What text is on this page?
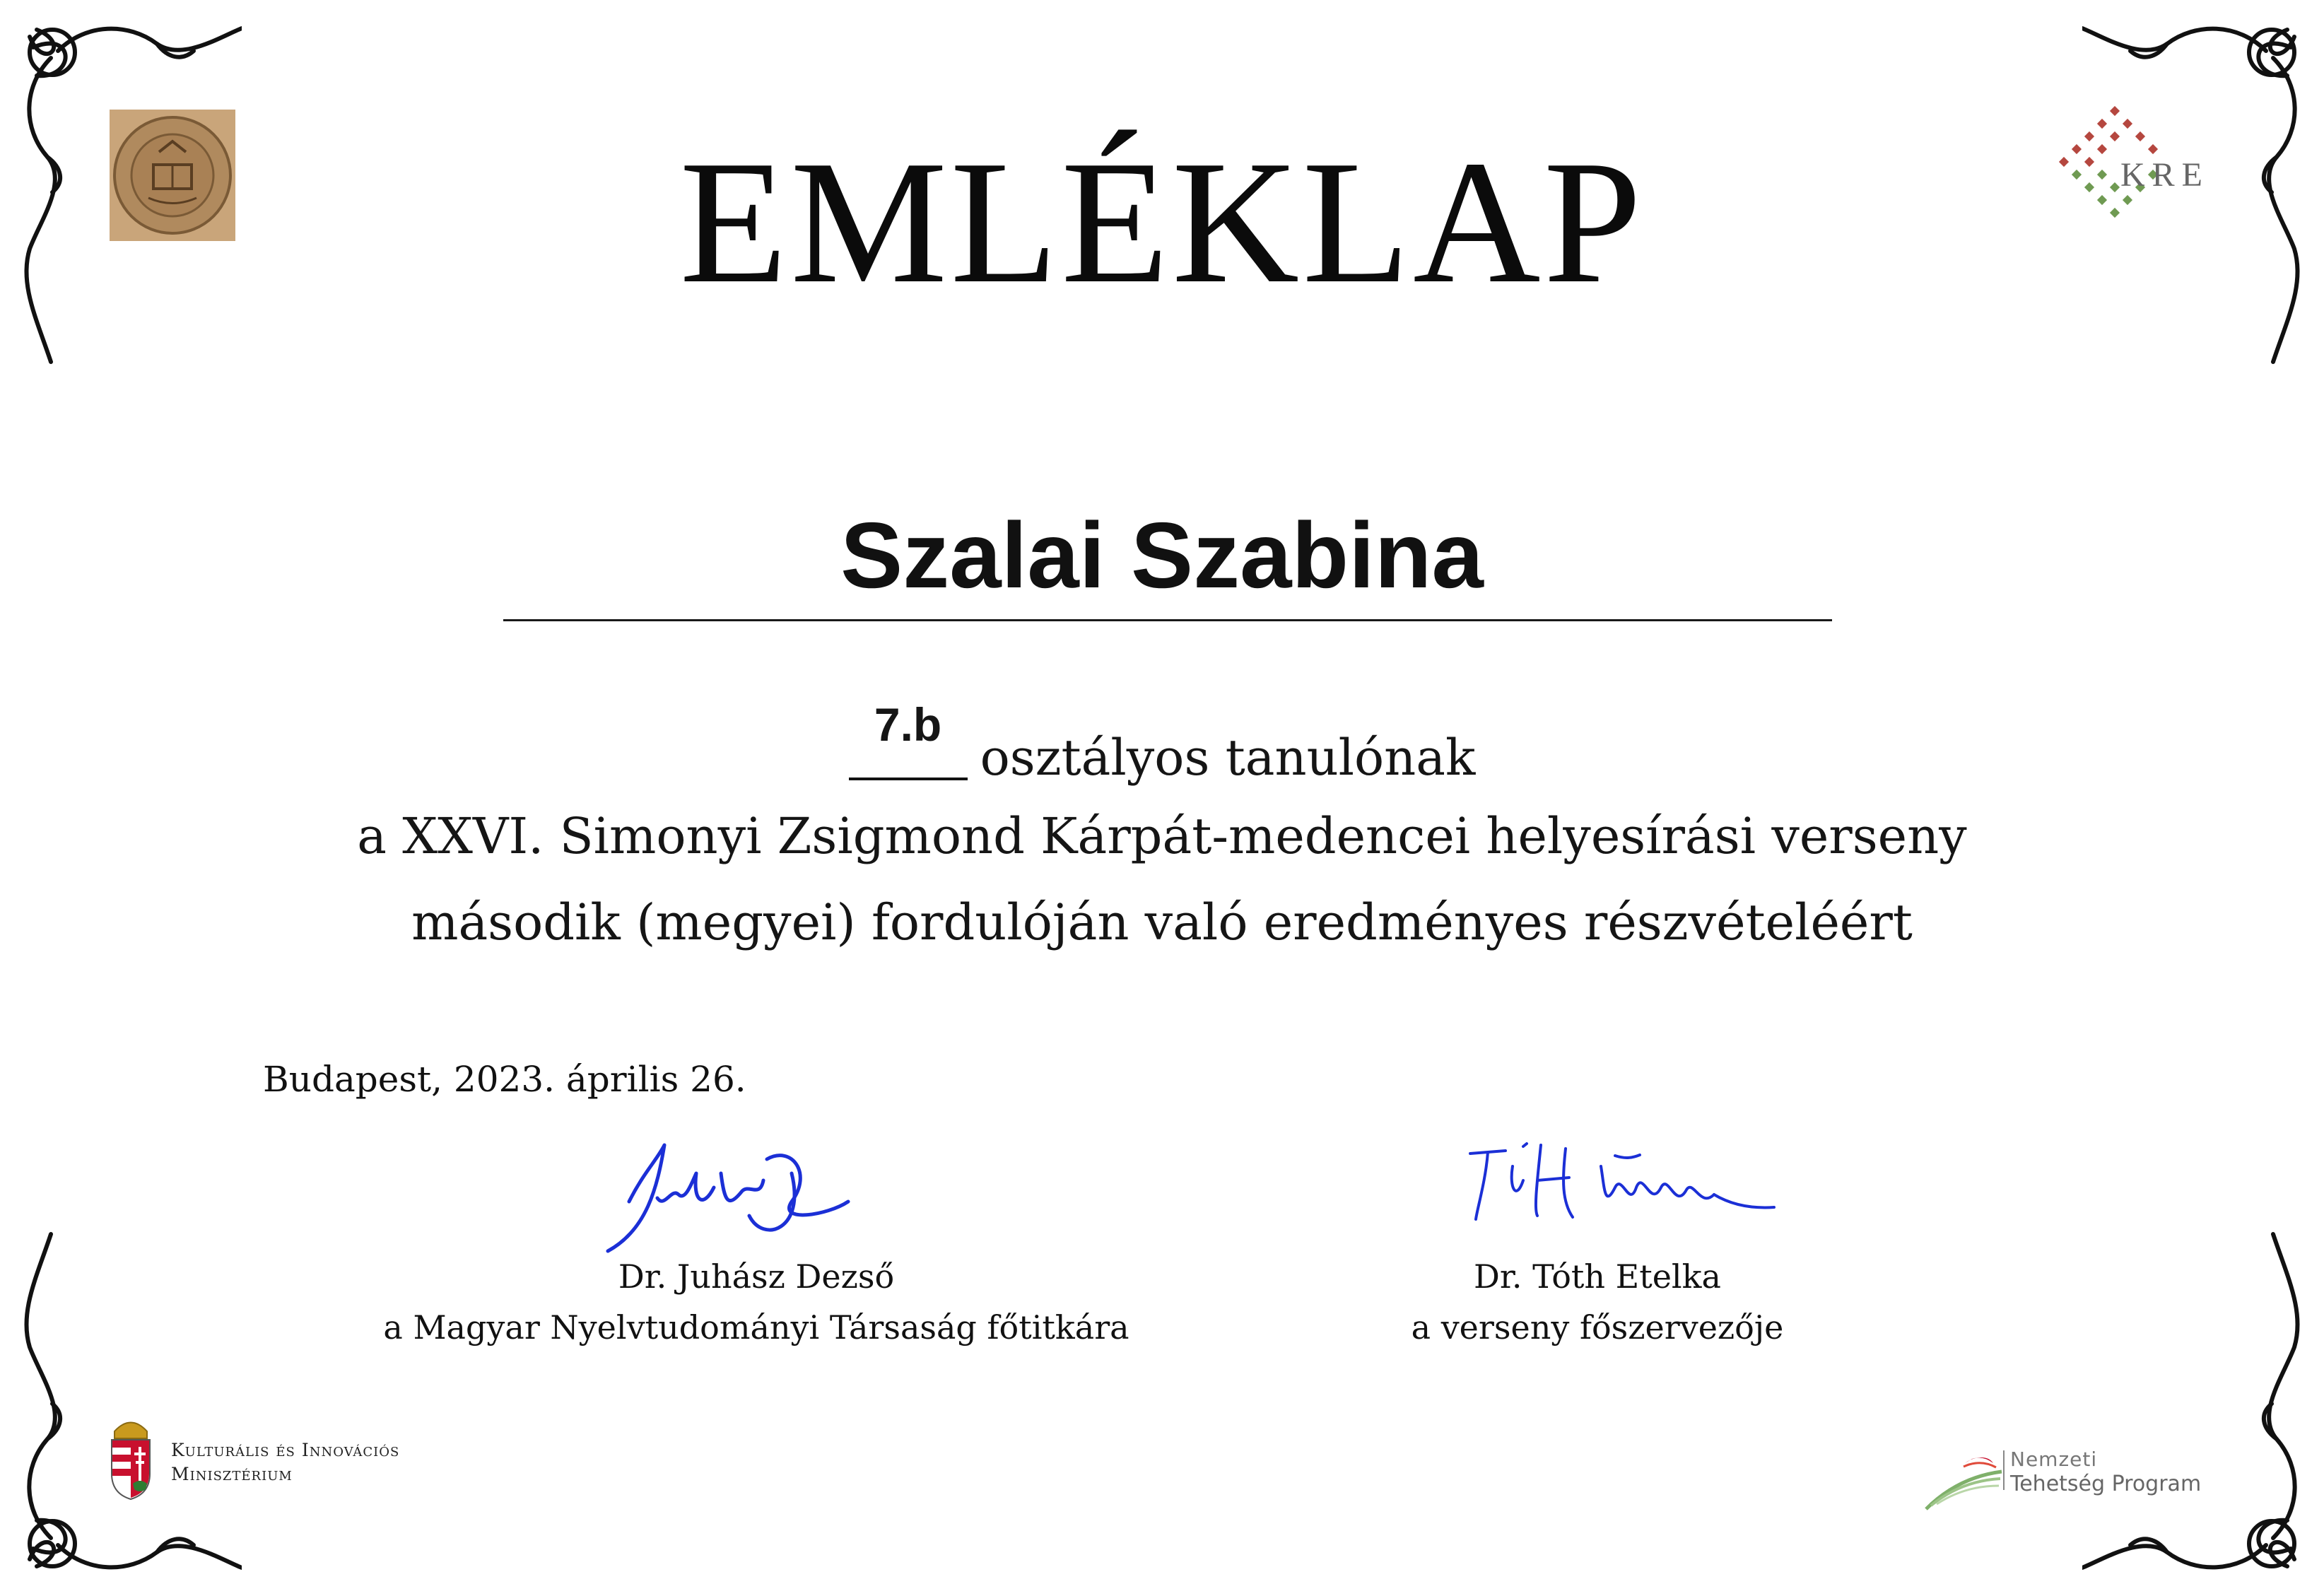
KRE
EMLÉKLAP
Szalai Szabina
7.b
osztályos tanulónak
a XXVI. Simonyi Zsigmond Kárpát-medencei helyesírási verseny
második (megyei) fordulóján való eredményes részvételéért
Budapest, 2023. április 26.
Dr. Juhász Dezső
a Magyar Nyelvtudományi Társaság főtitkára
Dr. Tóth Etelka
a verseny főszervezője
Kulturális és Innovációs
Minisztérium
Nemzeti
Tehetség Program
